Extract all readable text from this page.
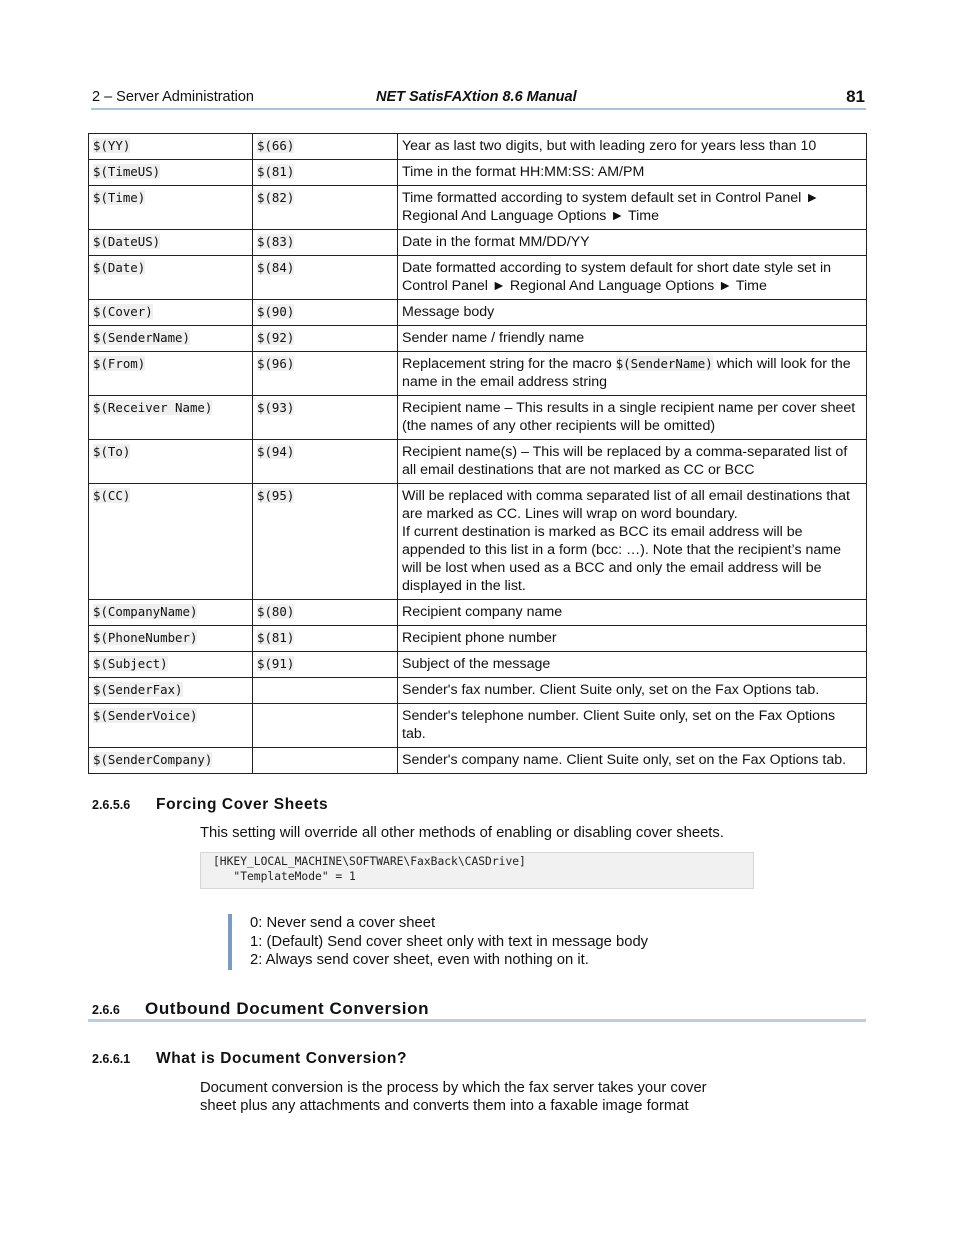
2 – Server Administration	NET SatisFAXtion 8.6 Manual	81
$(YY)	$(66)	Year as last two digits, but with leading zero for years less than 10

$(TimeUS)	$(81)	Time in the format HH:MM:SS: AM/PM

$(Time)	$(82)	Time formatted according to system default set in Control Panel ► Regional And Language Options ► Time

$(DateUS)	$(83)	Date in the format MM/DD/YY

$(Date)	$(84)	Date formatted according to system default for short date style set in Control Panel ► Regional And Language Options ► Time

$(Cover)	$(90)	Message body

$(SenderName)	$(92)	Sender name / friendly name

$(From)	$(96)	Replacement string for the macro $(SenderName) which will look for the name in the email address string
$(Receiver Name)	$(93)	Recipient name – This results in a single recipient name per cover sheet (the names of any other recipients will be omitted)

$(To)	$(94)	Recipient name(s) – This will be replaced by a comma-separated list of all email destinations that are not marked as CC or BCC

$(CC)	$(95)	Will be replaced with comma separated list of all email destinations that are marked as CC. Lines will wrap on word boundary.
If current destination is marked as BCC its email address will be appended to this list in a form (bcc: …). Note that the recipient’s name will be lost when used as a BCC and only the email address will be displayed in the list.

$(CompanyName)	$(80)	Recipient company name

$(PhoneNumber)	$(81)	Recipient phone number

$(Subject)	$(91)	Subject of the message

$(SenderFax)		Sender's fax number. Client Suite only, set on the Fax Options tab.

$(SenderVoice)		Sender's telephone number. Client Suite only, set on the Fax Options tab.

$(SenderCompany)		Sender's company name. Client Suite only, set on the Fax Options tab.
2.6.5.6 Forcing Cover Sheets
This setting will override all other methods of enabling or disabling cover sheets.
[HKEY_LOCAL_MACHINE\SOFTWARE\FaxBack\CASDrive]
"TemplateMode" = 1
0: Never send a cover sheet
1: (Default) Send cover sheet only with text in message body
2: Always send cover sheet, even with nothing on it.
2.6.6 Outbound Document Conversion
2.6.6.1 What is Document Conversion?
Document conversion is the process by which the fax server takes your cover
sheet plus any attachments and converts them into a faxable image format
